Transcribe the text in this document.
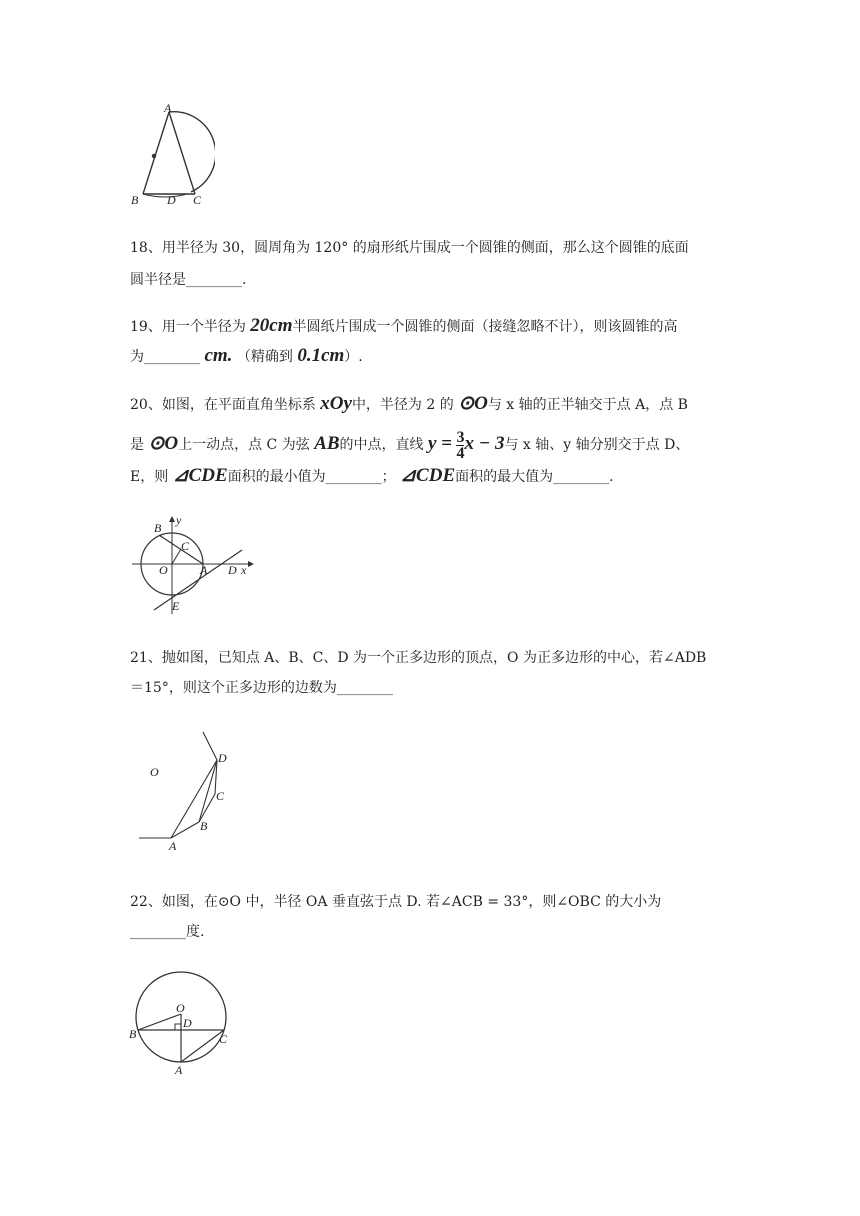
A
B D C
18、用半径为 30，圆周角为 120° 的扇形纸片围成一个圆锥的侧面，那么这个圆锥的底面
圆半径是________.
19、用一个半径为 20cm半圆纸片围成一个圆锥的侧面（接缝忽略不计），则该圆锥的高
为________ cm. （精确到 0.1cm）.
20、如图，在平面直角坐标系 xOy中，半径为 2 的 ⊙O与 x 轴的正半轴交于点 A，点 B
是 ⊙O上一动点，点 C 为弦 AB的中点，直线 $y = \frac{3}{4}$ x − 3与 x 轴、y 轴分别交于点 D、
E，则 ⊿CDE面积的最小值为________； ⊿CDE面积的最大值为________.
B
y
C
O	A D x
E
21、抛如图，已知点 A、B、C、D 为一个正多边形的顶点，O 为正多边形的中心，若∠ADB
＝15°，则这个正多边形的边数为________
O
D
C
B
A
22、如图，在⊙O 中，半径 OA 垂直弦于点 D. 若∠ACB = 33°，则∠OBC 的大小为
________度.
O
D
B	C
A
